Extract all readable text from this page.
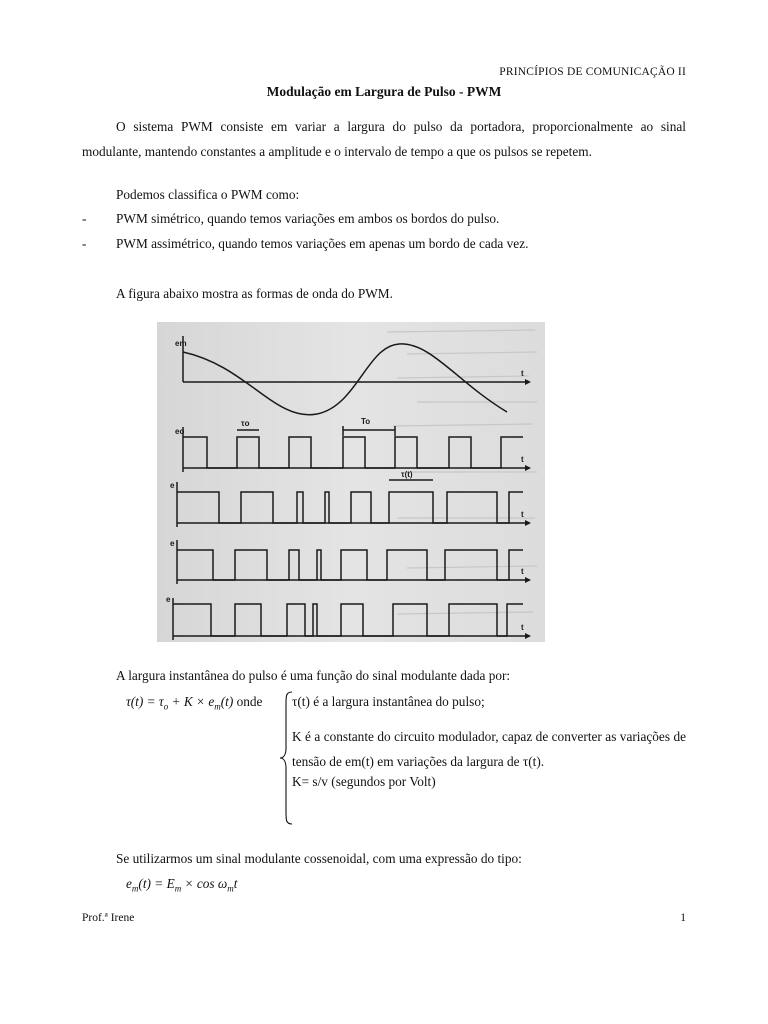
PRINCÍPIOS DE COMUNICAÇÃO II
Modulação em Largura de Pulso - PWM
O sistema PWM consiste em variar a largura do pulso da portadora, proporcionalmente ao sinal modulante, mantendo constantes a amplitude e o intervalo de tempo a que os pulsos se repetem.
Podemos classifica o PWM como:
- PWM simétrico, quando temos variações em ambos os bordos do pulso.
- PWM assimétrico, quando temos variações em apenas um bordo de cada vez.
A figura abaixo mostra as formas de onda do PWM.
em
eo
e
e
e
t
t
t
t
t
τo	To
τ(t)
A largura instantânea do pulso é uma função do sinal modulante dada por:
$\tau(t) = \tau_o + K \times e_m(t)$ onde τ(t) é a largura instantânea do pulso;
K é a constante do circuito modulador, capaz de converter as variações de tensão de em(t) em variações da largura de τ(t).
K= s/v (segundos por Volt)
Se utilizarmos um sinal modulante cossenoidal, com uma expressão do tipo:
$e_m(t) = E_m \times \cos \omega_mt$
Prof.ª Irene	1
